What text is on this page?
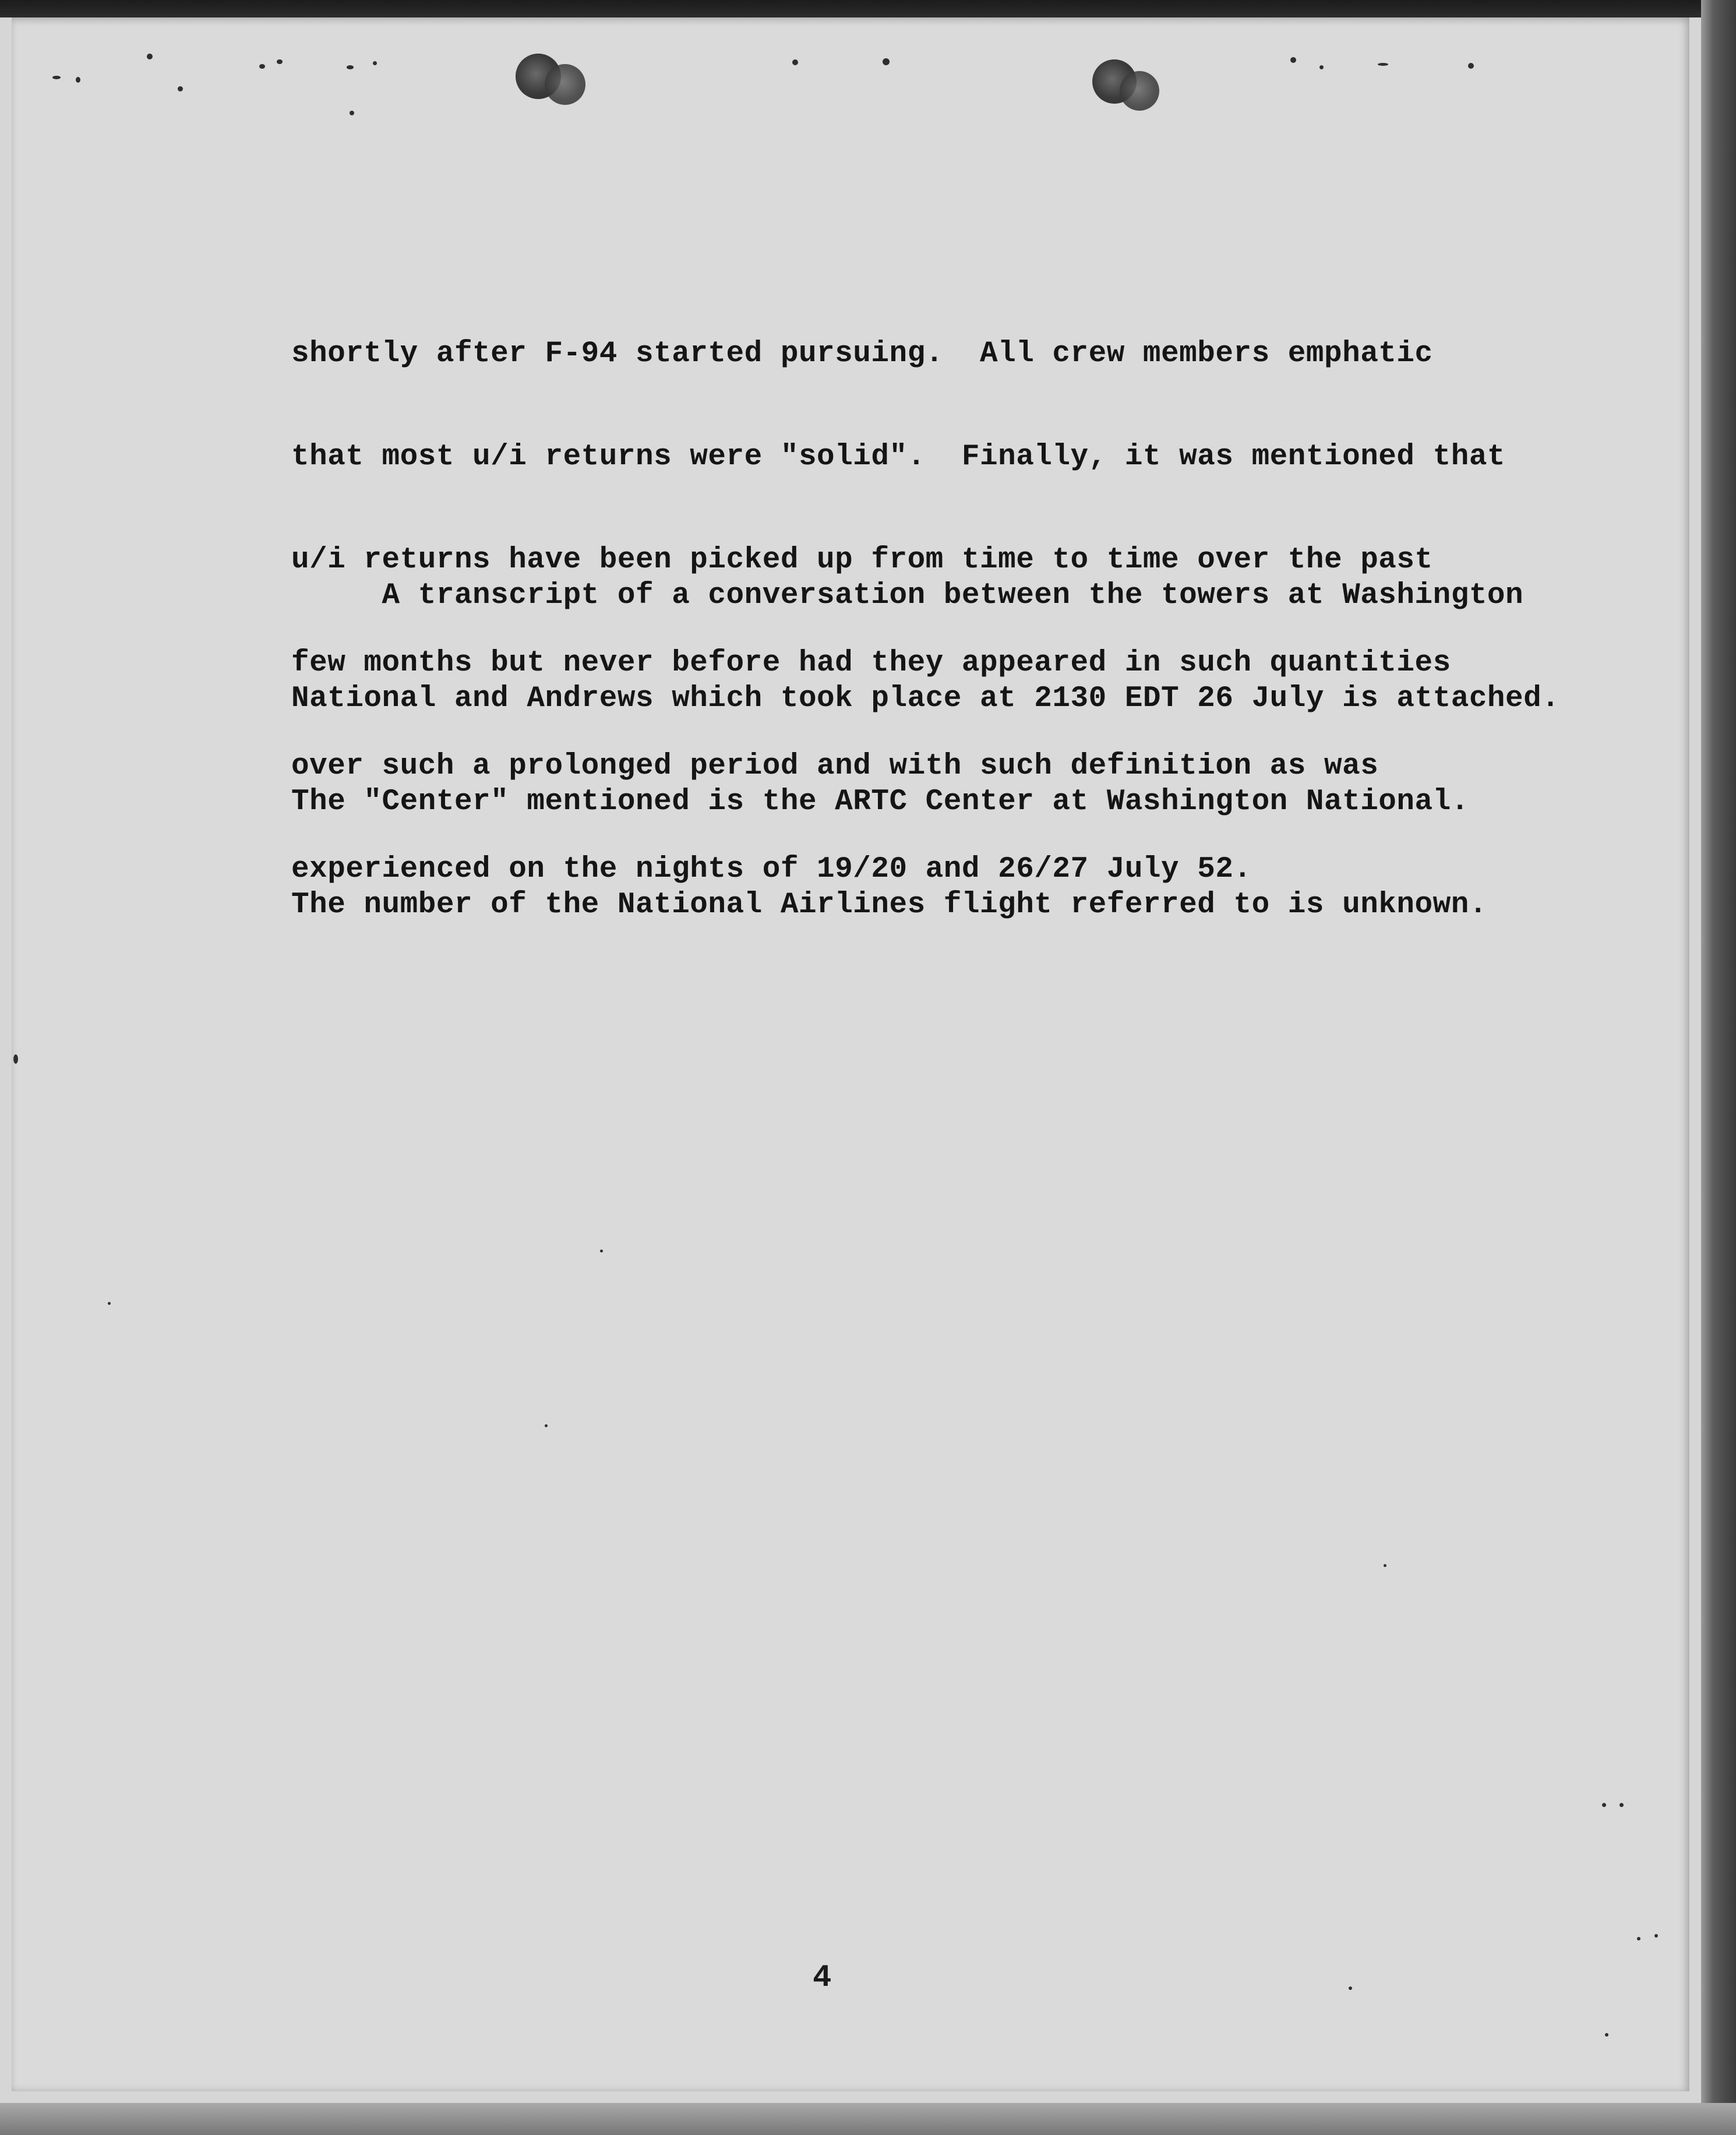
shortly after F-94 started pursuing.  All crew members emphatic

that most u/i returns were "solid".  Finally, it was mentioned that

u/i returns have been picked up from time to time over the past

few months but never before had they appeared in such quantities

over such a prolonged period and with such definition as was

experienced on the nights of 19/20 and 26/27 July 52.

A transcript of a conversation between the towers at Washington

National and Andrews which took place at 2130 EDT 26 July is attached.

The "Center" mentioned is the ARTC Center at Washington National.

The number of the National Airlines flight referred to is unknown.

4
